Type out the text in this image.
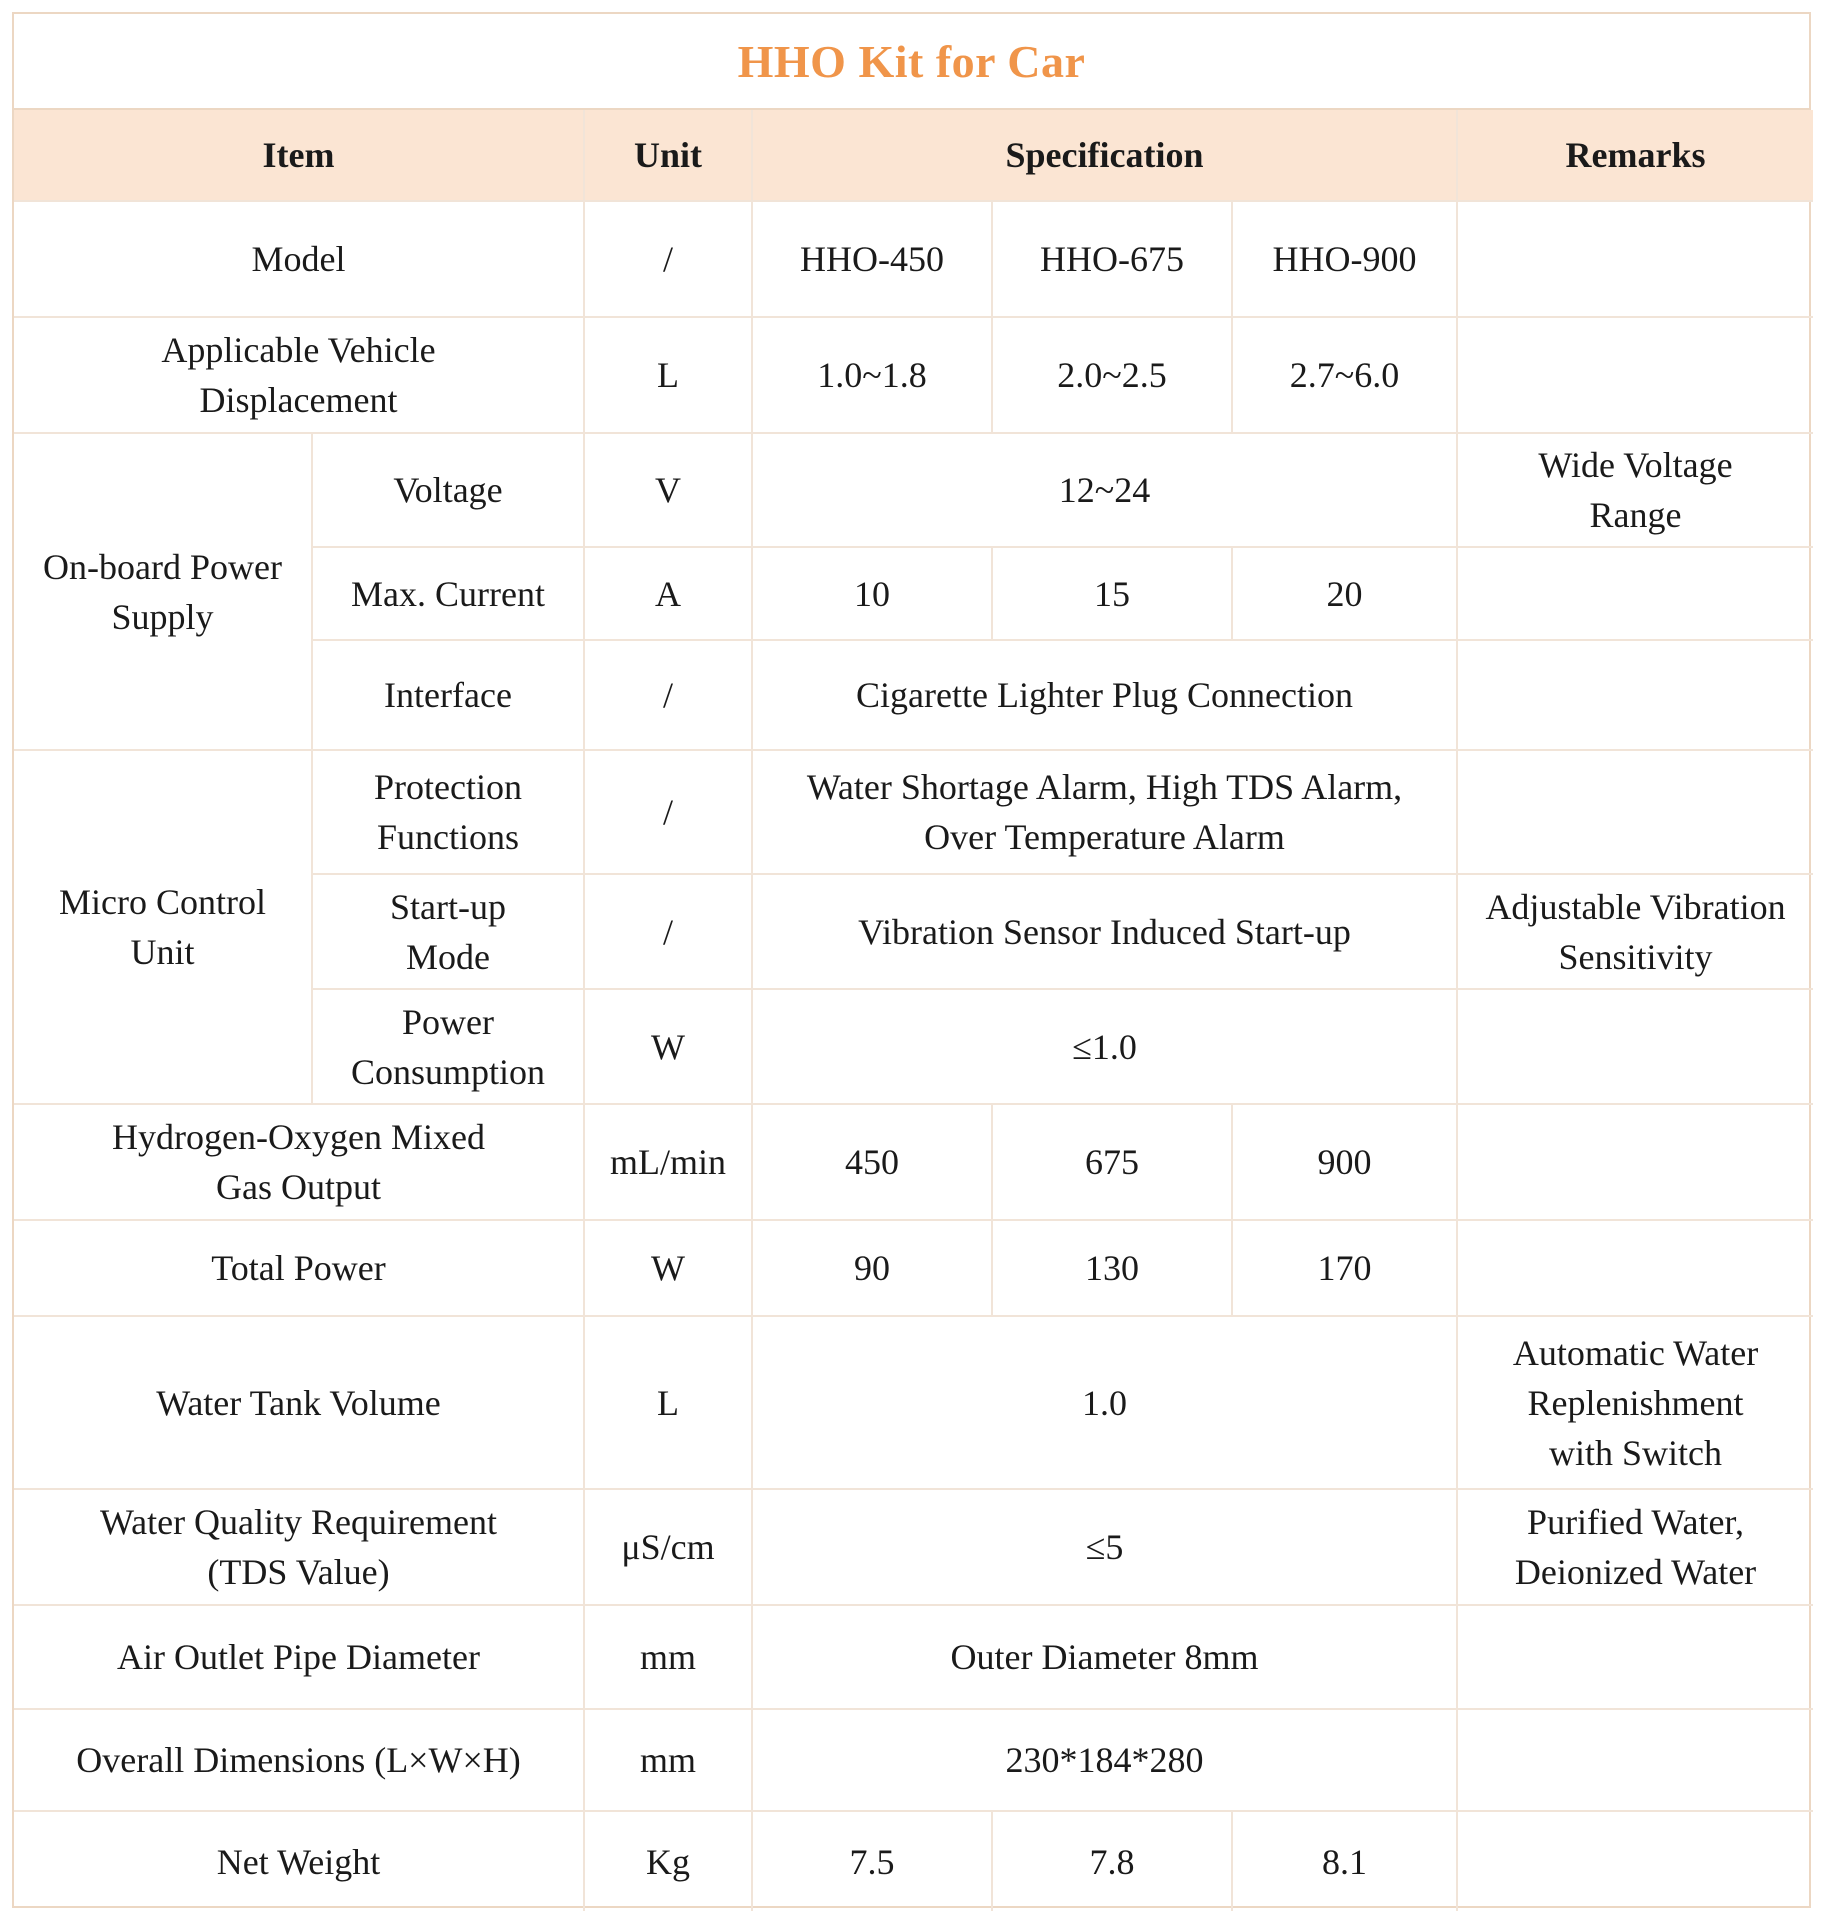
HHO Kit for Car
Item		Unit	Specification			Remarks
Model		/	HHO-450	HHO-675	HHO-900	

Applicable Vehicle Displacement		L	1.0~1.8	2.0~2.5	2.7~6.0	

On-board Power Supply	Voltage	V	12~24			Wide Voltage Range

	Max. Current	A	10	15	20	
	Interface	/	Cigarette Lighter Plug Connection			

Micro Control Unit	Protection Functions	/	Water Shortage Alarm, High TDS Alarm, Over Temperature Alarm			

	Start-up Mode	/	Vibration Sensor Induced Start-up			Adjustable Vibration Sensitivity

	Power Consumption	W	≤1.0			

Hydrogen-Oxygen Mixed Gas Output		mL/min	450	675	900	
Total Power		W	90	130	170	
Water Tank Volume		L	1.0			Automatic Water Replenishment with Switch

Water Quality Requirement (TDS Value)		μS/cm	≤5			Purified Water, Deionized Water

Air Outlet Pipe Diameter		mm	Outer Diameter 8mm			
Overall Dimensions (L×W×H)		mm	230*184*280			
Net Weight		Kg	7.5	7.8	8.1	
